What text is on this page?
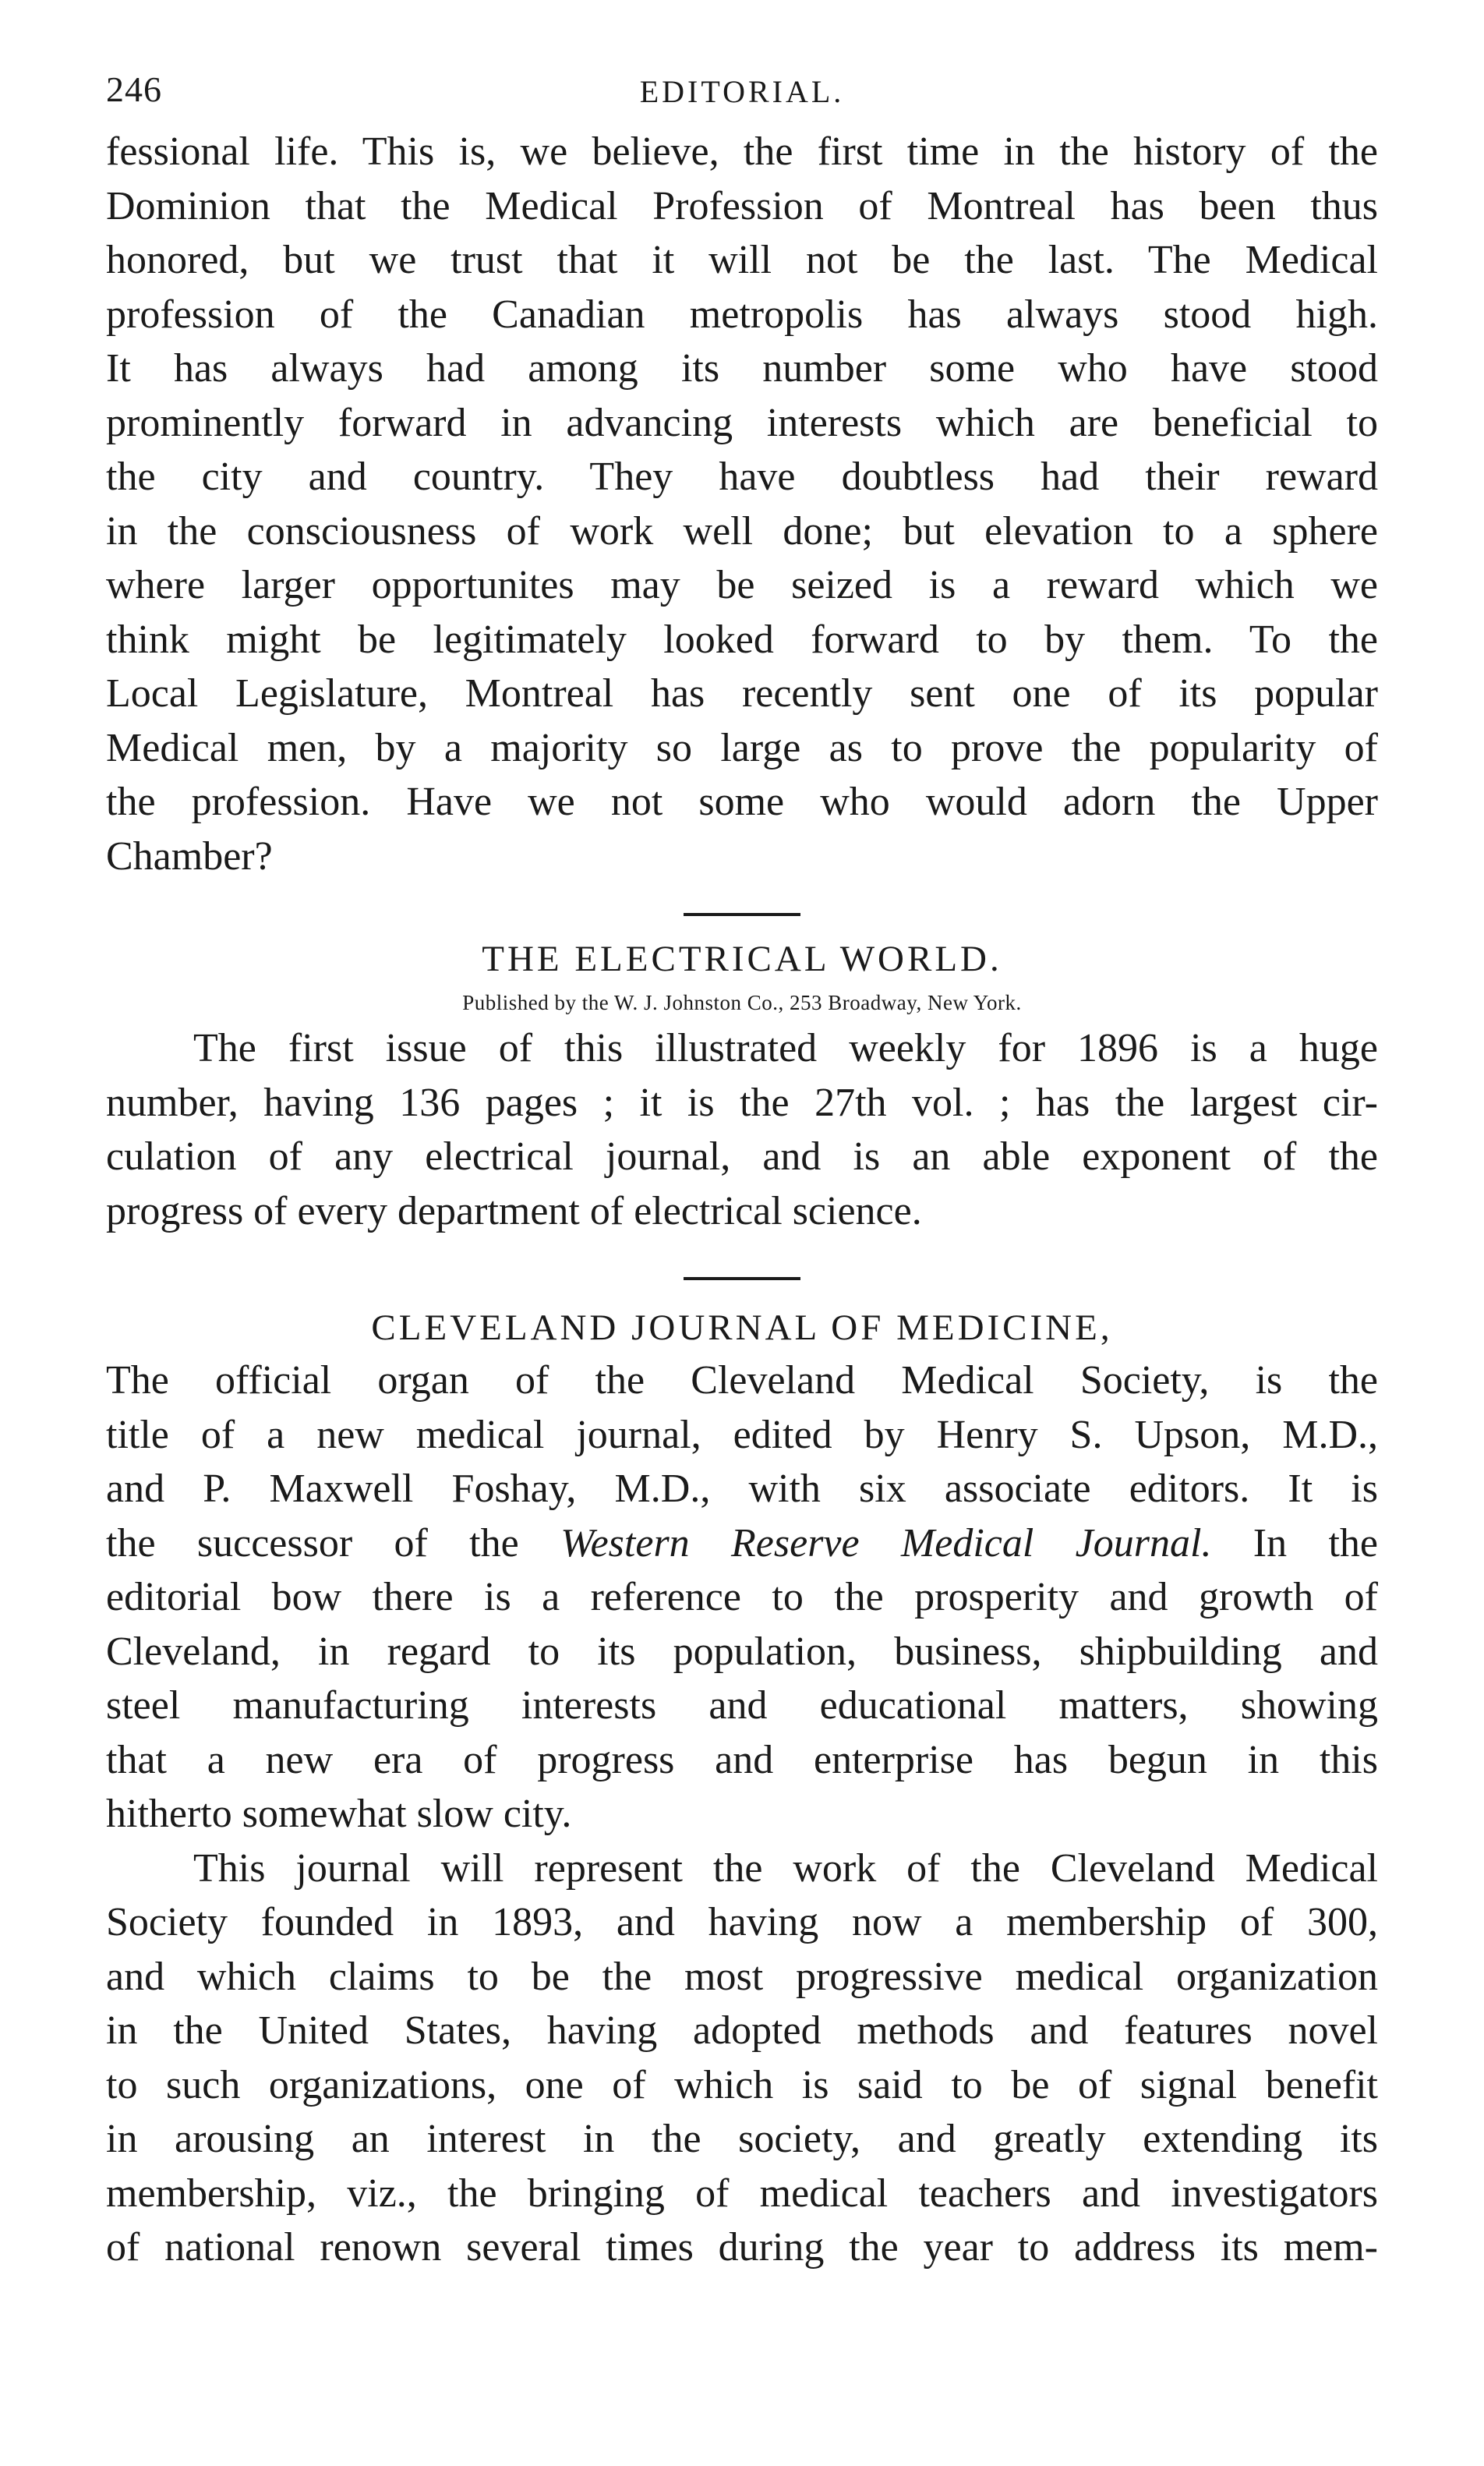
246	EDITORIAL.

fessional life. This is, we believe, the first time in the history of the
Dominion that the Medical Profession of Montreal has been thus
honored, but we trust that it will not be the last. The Medical
profession of the Canadian metropolis has always stood high.
It has always had among its number some who have stood
prominently forward in advancing interests which are beneficial to
the city and country. They have doubtless had their reward
in the consciousness of work well done; but elevation to a sphere
where larger opportunites may be seized is a reward which we
think might be legitimately looked forward to by them. To the
Local Legislature, Montreal has recently sent one of its popular
Medical men, by a majority so large as to prove the popularity of
the profession. Have we not some who would adorn the Upper
Chamber?

THE ELECTRICAL WORLD.

Published by the W. J. Johnston Co., 253 Broadway, New York.

The first issue of this illustrated weekly for 1896 is a huge
number, having 136 pages ; it is the 27th vol. ; has the largest cir-
culation of any electrical journal, and is an able exponent of the
progress of every department of electrical science.

CLEVELAND JOURNAL OF MEDICINE,

The official organ of the Cleveland Medical Society, is the
title of a new medical journal, edited by Henry S. Upson, M.D.,
and P. Maxwell Foshay, M.D., with six associate editors. It is
the successor of the Western Reserve Medical Journal. In the
editorial bow there is a reference to the prosperity and growth of
Cleveland, in regard to its population, business, shipbuilding and
steel manufacturing interests and educational matters, showing
that a new era of progress and enterprise has begun in this
hitherto somewhat slow city.

This journal will represent the work of the Cleveland Medical
Society founded in 1893, and having now a membership of 300,
and which claims to be the most progressive medical organization
in the United States, having adopted methods and features novel
to such organizations, one of which is said to be of signal benefit
in arousing an interest in the society, and greatly extending its
membership, viz., the bringing of medical teachers and investigators
of national renown several times during the year to address its mem-
